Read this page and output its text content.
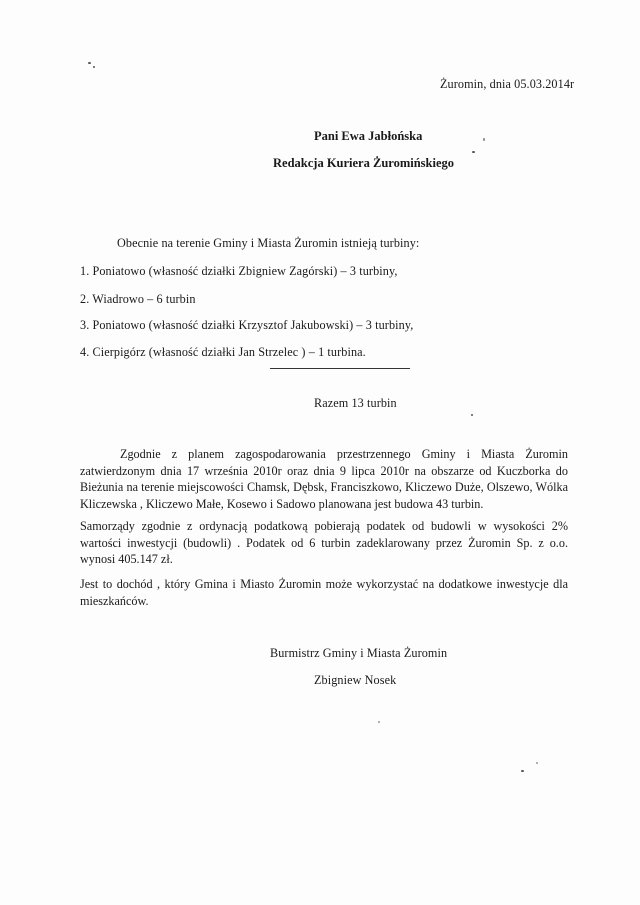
Żuromin, dnia 05.03.2014r
Pani Ewa Jabłońska
Redakcja Kuriera Żuromińskiego
Obecnie na terenie Gminy i Miasta Żuromin istnieją turbiny:
1. Poniatowo (własność działki Zbigniew Zagórski) – 3 turbiny,
2. Wiadrowo – 6 turbin
3. Poniatowo (własność działki Krzysztof Jakubowski) – 3 turbiny,
4. Cierpigórz (własność działki Jan Strzelec ) – 1 turbina.
Razem 13 turbin
Zgodnie z planem zagospodarowania przestrzennego Gminy i Miasta Żuromin zatwierdzonym dnia 17 września 2010r oraz dnia 9 lipca 2010r na obszarze od Kuczborka do Bieżunia na terenie miejscowości Chamsk, Dębsk, Franciszkowo, Kliczewo Duże, Olszewo, Wólka Kliczewska , Kliczewo Małe, Kosewo i Sadowo planowana jest budowa 43 turbin.
Samorządy zgodnie z ordynacją podatkową pobierają podatek od budowli w wysokości 2% wartości inwestycji (budowli) . Podatek od 6 turbin zadeklarowany przez Żuromin Sp. z o.o. wynosi 405.147 zł.
Jest to dochód , który Gmina i Miasto Żuromin może wykorzystać na dodatkowe inwestycje dla mieszkańców.
Burmistrz Gminy i Miasta Żuromin
Zbigniew Nosek
